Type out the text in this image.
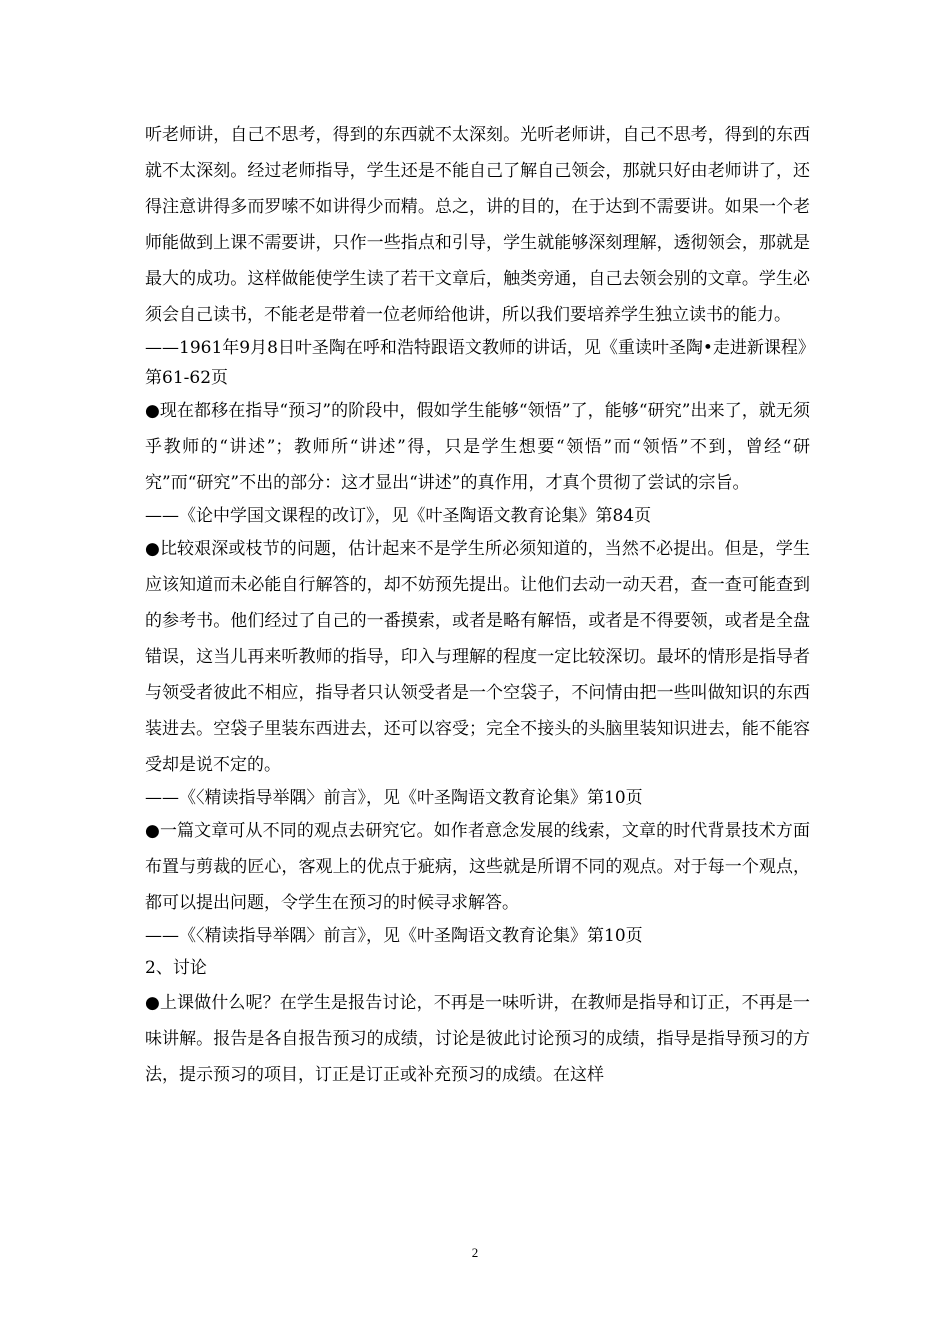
听老师讲，自己不思考，得到的东西就不太深刻。光听老师讲，自己不思考，得到的东西就不太深刻。经过老师指导，学生还是不能自己了解自己领会，那就只好由老师讲了，还得注意讲得多而罗嗦不如讲得少而精。总之，讲的目的，在于达到不需要讲。如果一个老师能做到上课不需要讲，只作一些指点和引导，学生就能够深刻理解，透彻领会，那就是最大的成功。这样做能使学生读了若干文章后，触类旁通，自己去领会别的文章。学生必须会自己读书，不能老是带着一位老师给他讲，所以我们要培养学生独立读书的能力。

——1961年9月8日叶圣陶在呼和浩特跟语文教师的讲话，见《重读叶圣陶•走进新课程》第61-62页

●现在都移在指导“预习”的阶段中，假如学生能够“领悟”了，能够“研究”出来了，就无须乎教师的“讲述”；教师所“讲述”得，只是学生想要“领悟”而“领悟”不到，曾经“研究”而“研究”不出的部分：这才显出“讲述”的真作用，才真个贯彻了尝试的宗旨。

——《论中学国文课程的改订》，见《叶圣陶语文教育论集》第84页

●比较艰深或枝节的问题，估计起来不是学生所必须知道的，当然不必提出。但是，学生应该知道而未必能自行解答的，却不妨预先提出。让他们去动一动天君，查一查可能查到的参考书。他们经过了自己的一番摸索，或者是略有解悟，或者是不得要领，或者是全盘错误，这当儿再来听教师的指导，印入与理解的程度一定比较深切。最坏的情形是指导者与领受者彼此不相应，指导者只认领受者是一个空袋子，不问情由把一些叫做知识的东西装进去。空袋子里装东西进去，还可以容受；完全不接头的头脑里装知识进去，能不能容受却是说不定的。

——《〈精读指导举隅〉前言》，见《叶圣陶语文教育论集》第10页

●一篇文章可从不同的观点去研究它。如作者意念发展的线索，文章的时代背景技术方面布置与剪裁的匠心，客观上的优点于疵病，这些就是所谓不同的观点。对于每一个观点，都可以提出问题，令学生在预习的时候寻求解答。

——《〈精读指导举隅〉前言》，见《叶圣陶语文教育论集》第10页

2、讨论

●上课做什么呢？在学生是报告讨论，不再是一味听讲，在教师是指导和订正，不再是一味讲解。报告是各自报告预习的成绩，讨论是彼此讨论预习的成绩，指导是指导预习的方法，提示预习的项目，订正是订正或补充预习的成绩。在这样

2
